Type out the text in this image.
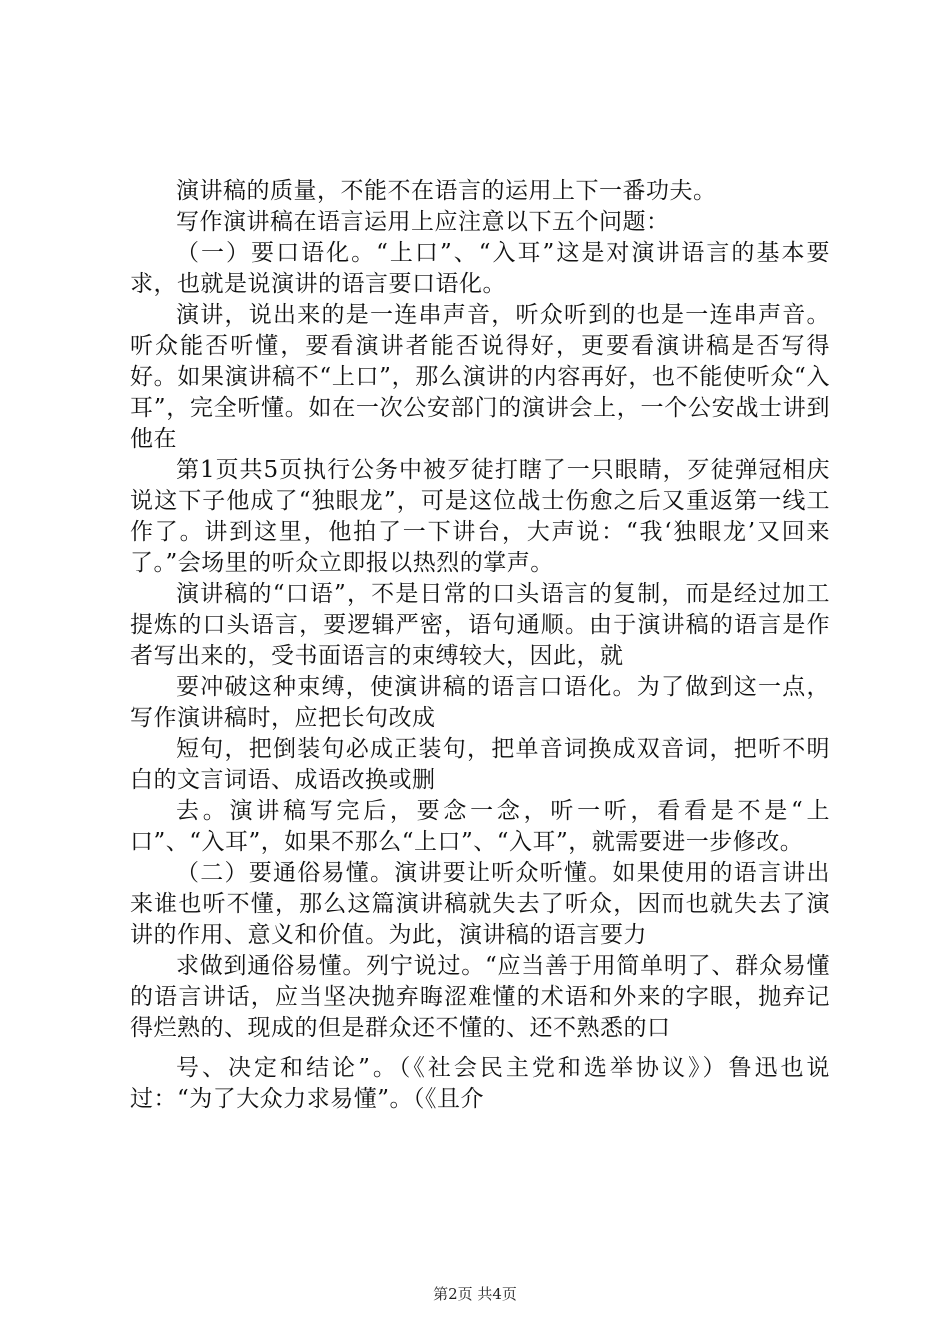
演讲稿的质量，不能不在语言的运用上下一番功夫。

写作演讲稿在语言运用上应注意以下五个问题：

（一）要口语化。“上口”、“入耳”这是对演讲语言的基本要求，也就是说演讲的语言要口语化。

演讲，说出来的是一连串声音，听众听到的也是一连串声音。听众能否听懂，要看演讲者能否说得好，更要看演讲稿是否写得好。如果演讲稿不“上口”，那么演讲的内容再好，也不能使听众“入耳”，完全听懂。如在一次公安部门的演讲会上，一个公安战士讲到他在

第1页共5页执行公务中被歹徒打瞎了一只眼睛，歹徒弹冠相庆说这下子他成了“独眼龙”，可是这位战士伤愈之后又重返第一线工作了。讲到这里，他拍了一下讲台，大声说：“我‘独眼龙’又回来了。”会场里的听众立即报以热烈的掌声。

演讲稿的“口语”，不是日常的口头语言的复制，而是经过加工提炼的口头语言，要逻辑严密，语句通顺。由于演讲稿的语言是作者写出来的，受书面语言的束缚较大，因此，就

要冲破这种束缚，使演讲稿的语言口语化。为了做到这一点，写作演讲稿时，应把长句改成

短句，把倒装句必成正装句，把单音词换成双音词，把听不明白的文言词语、成语改换或删

去。演讲稿写完后，要念一念，听一听，看看是不是“上口”、“入耳”，如果不那么“上口”、“入耳”，就需要进一步修改。

（二）要通俗易懂。演讲要让听众听懂。如果使用的语言讲出来谁也听不懂，那么这篇演讲稿就失去了听众，因而也就失去了演讲的作用、意义和价值。为此，演讲稿的语言要力

求做到通俗易懂。列宁说过。“应当善于用简单明了、群众易懂的语言讲话，应当坚决抛弃晦涩难懂的术语和外来的字眼，抛弃记得烂熟的、现成的但是群众还不懂的、还不熟悉的口

号、决定和结论”。（《社会民主党和选举协议》）鲁迅也说过：“为了大众力求易懂”。（《且介

第2页 共4页
